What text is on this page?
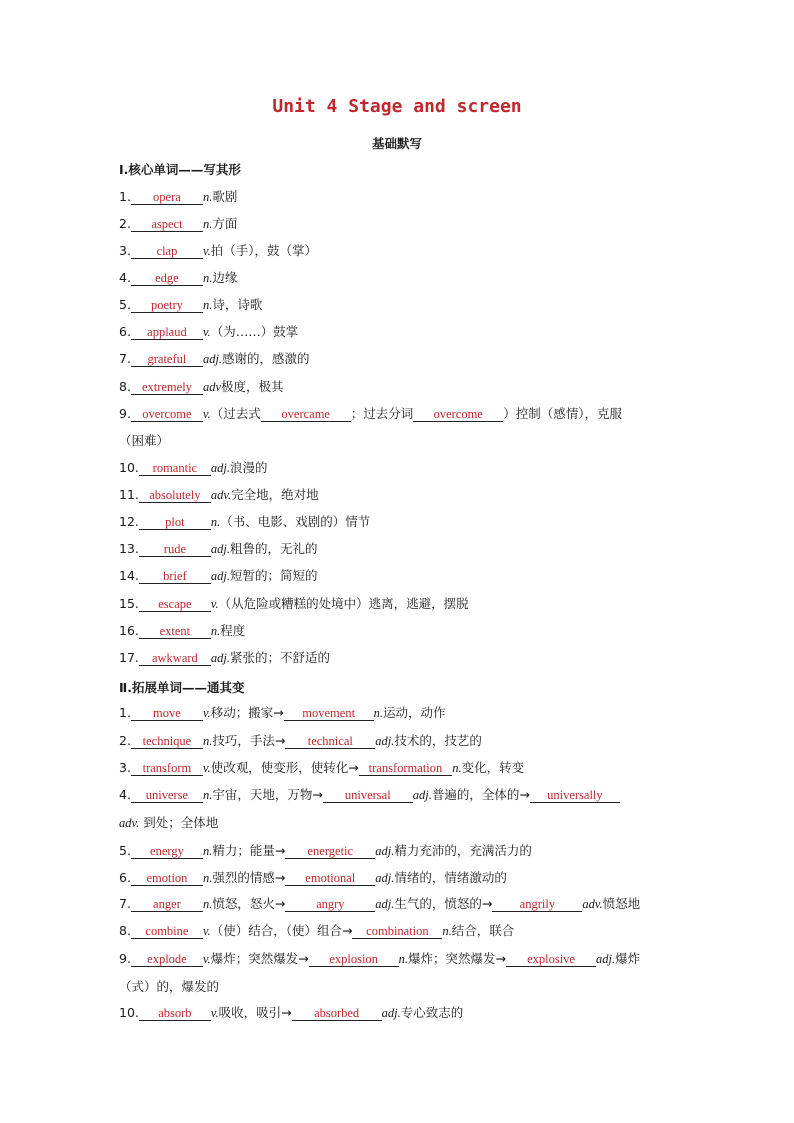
Unit 4 Stage and screen
基础默写
Ⅰ.核心单词——写其形
1. opera n.歌剧
2. aspect n.方面
3. clap v.拍（手），鼓（掌）
4. edge n.边缘
5. poetry n.诗，诗歌
6. applaud v.（为……）鼓掌
7. grateful adj.感谢的，感激的
8. extremely adv极度，极其
9. overcome v.（过去式 overcame ；过去分词 overcome ）控制（感情），克服
（困难）
10. romantic adj.浪漫的
11. absolutely adv.完全地，绝对地
12. plot n.（书、电影、戏剧的）情节
13. rude adj.粗鲁的，无礼的
14. brief adj.短暂的；简短的
15. escape v.（从危险或糟糕的处境中）逃离，逃避，摆脱
16. extent n.程度
17. awkward adj.紧张的；不舒适的
Ⅱ.拓展单词——通其变
1. move v.移动；搬家→ movement n.运动，动作
2. technique n.技巧，手法→ technical adj.技术的，技艺的
3. transform v.使改观，使变形，使转化→ transformation n.变化，转变
4. universe n.宇宙，天地，万物→ universal adj.普遍的，全体的→ universally
adv. 到处；全体地
5. energy n.精力；能量→ energetic adj.精力充沛的，充满活力的
6. emotion n.强烈的情感→ emotional adj.情绪的，情绪激动的
7. anger n.愤怒，怒火→ angry adj.生气的，愤怒的→ angrily adv.愤怒地
8. combine v.（使）结合，（使）组合→ combination n.结合，联合
9. explode v.爆炸；突然爆发→ explosion n.爆炸；突然爆发→ explosive adj.爆炸
（式）的，爆发的
10. absorb v.吸收，吸引→ absorbed adj.专心致志的
